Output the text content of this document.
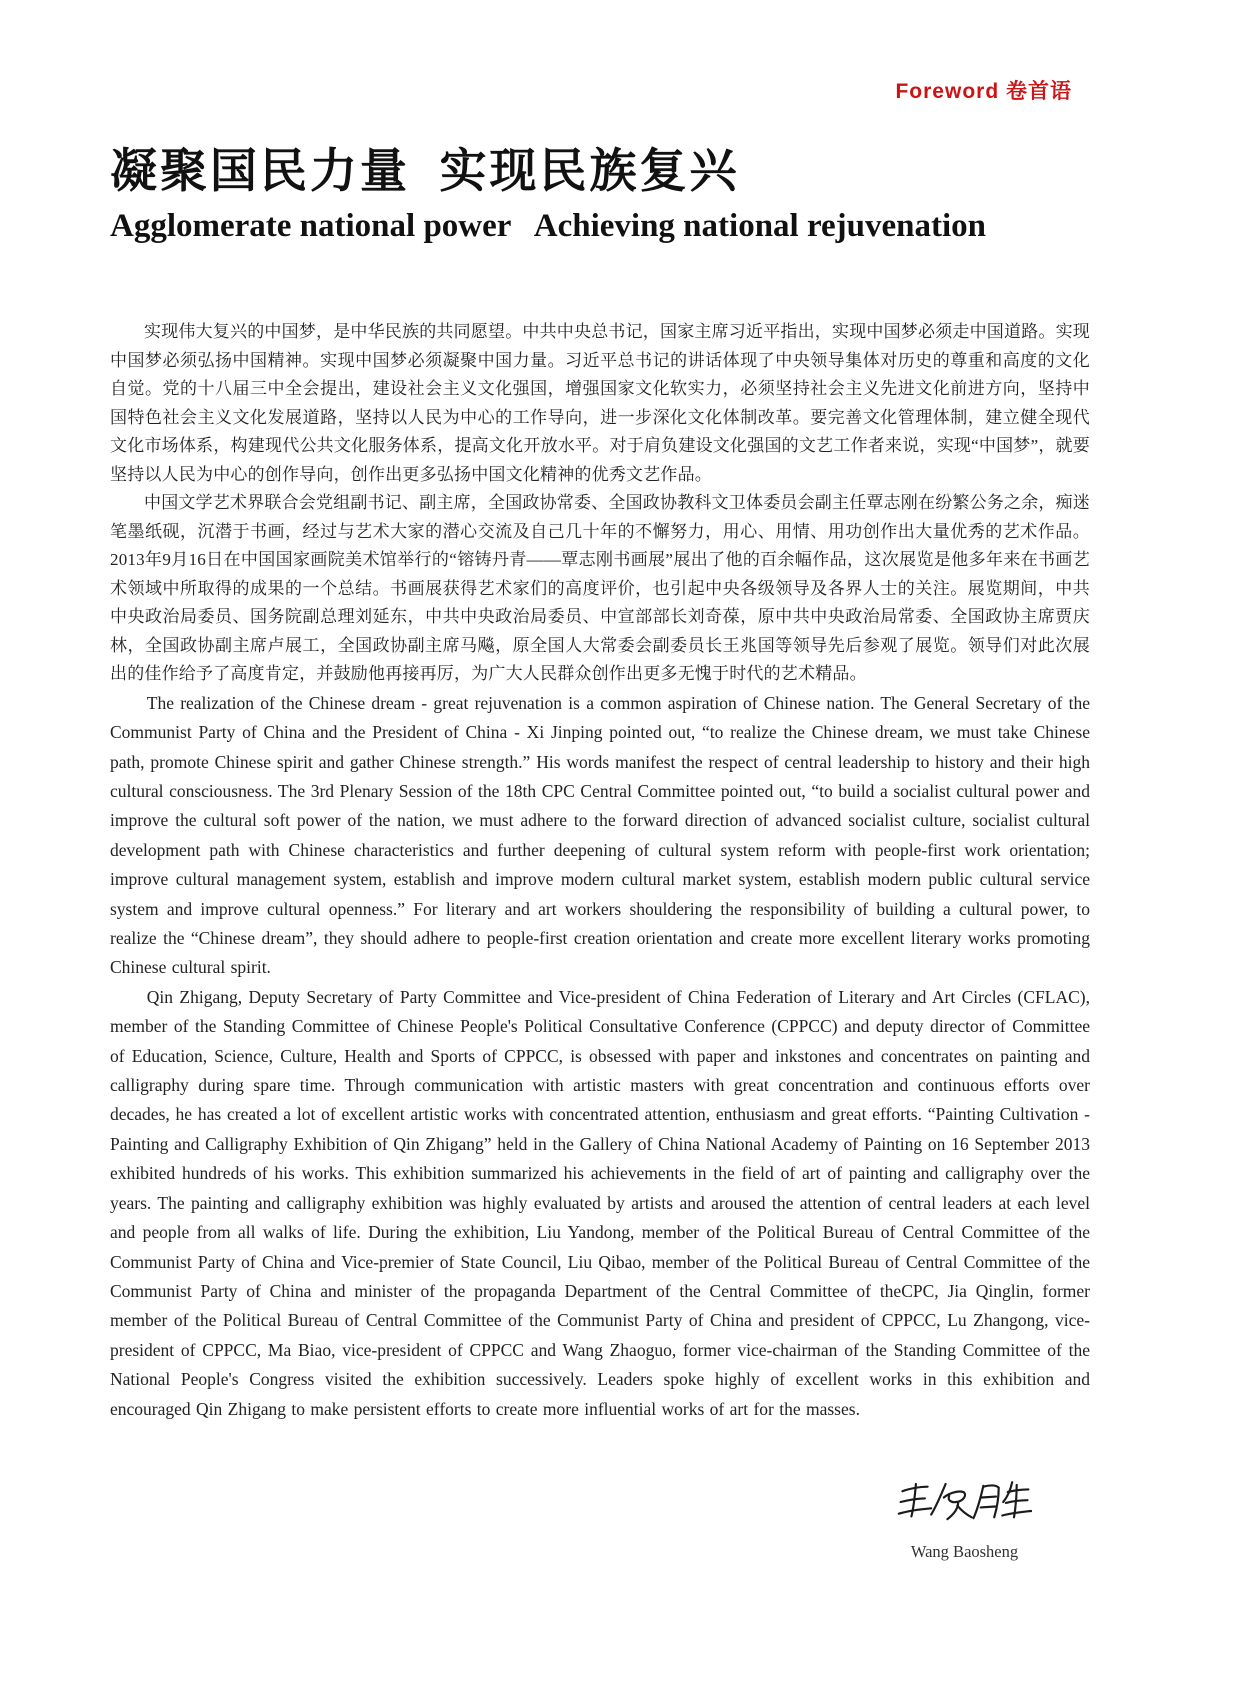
Foreword 卷首语
凝聚国民力量  实现民族复兴
Agglomerate national power   Achieving national rejuvenation

实现伟大复兴的中国梦，是中华民族的共同愿望。中共中央总书记，国家主席习近平指出，实现中国梦必须走中国道路。实现中国梦必须弘扬中国精神。实现中国梦必须凝聚中国力量。习近平总书记的讲话体现了中央领导集体对历史的尊重和高度的文化自觉。党的十八届三中全会提出，建设社会主义文化强国，增强国家文化软实力，必须坚持社会主义先进文化前进方向，坚持中国特色社会主义文化发展道路，坚持以人民为中心的工作导向，进一步深化文化体制改革。要完善文化管理体制，建立健全现代文化市场体系，构建现代公共文化服务体系，提高文化开放水平。对于肩负建设文化强国的文艺工作者来说，实现“中国梦”，就要坚持以人民为中心的创作导向，创作出更多弘扬中国文化精神的优秀文艺作品。

中国文学艺术界联合会党组副书记、副主席，全国政协常委、全国政协教科文卫体委员会副主任覃志刚在纷繁公务之余，痴迷笔墨纸砚，沉潜于书画，经过与艺术大家的潜心交流及自己几十年的不懈努力，用心、用情、用功创作出大量优秀的艺术作品。2013年9月16日在中国国家画院美术馆举行的“镕铸丹青——覃志刚书画展”展出了他的百余幅作品，这次展览是他多年来在书画艺术领域中所取得的成果的一个总结。书画展获得艺术家们的高度评价，也引起中央各级领导及各界人士的关注。展览期间，中共中央政治局委员、国务院副总理刘延东，中共中央政治局委员、中宣部部长刘奇葆，原中共中央政治局常委、全国政协主席贾庆林，全国政协副主席卢展工，全国政协副主席马飚，原全国人大常委会副委员长王兆国等领导先后参观了展览。领导们对此次展出的佳作给予了高度肯定，并鼓励他再接再厉，为广大人民群众创作出更多无愧于时代的艺术精品。

The realization of the Chinese dream - great rejuvenation is a common aspiration of Chinese nation. The General Secretary of the Communist Party of China and the President of China - Xi Jinping pointed out, “to realize the Chinese dream, we must take Chinese path, promote Chinese spirit and gather Chinese strength.” His words manifest the respect of central leadership to history and their high cultural consciousness. The 3rd Plenary Session of the 18th CPC Central Committee pointed out, “to build a socialist cultural power and improve the cultural soft power of the nation, we must adhere to the forward direction of advanced socialist culture, socialist cultural development path with Chinese characteristics and further deepening of cultural system reform with people-first work orientation; improve cultural management system, establish and improve modern cultural market system, establish modern public cultural service system and improve cultural openness.” For literary and art workers shouldering the responsibility of building a cultural power, to realize the “Chinese dream”, they should adhere to people-first creation orientation and create more excellent literary works promoting Chinese cultural spirit.

Qin Zhigang, Deputy Secretary of Party Committee and Vice-president of China Federation of Literary and Art Circles (CFLAC), member of the Standing Committee of Chinese People's Political Consultative Conference (CPPCC) and deputy director of Committee of Education, Science, Culture, Health and Sports of CPPCC, is obsessed with paper and inkstones and concentrates on painting and calligraphy during spare time. Through communication with artistic masters with great concentration and continuous efforts over decades, he has created a lot of excellent artistic works with concentrated attention, enthusiasm and great efforts. “Painting Cultivation - Painting and Calligraphy Exhibition of Qin Zhigang” held in the Gallery of China National Academy of Painting on 16 September 2013 exhibited hundreds of his works. This exhibition summarized his achievements in the field of art of painting and calligraphy over the years. The painting and calligraphy exhibition was highly evaluated by artists and aroused the attention of central leaders at each level and people from all walks of life. During the exhibition, Liu Yandong, member of the Political Bureau of Central Committee of the Communist Party of China and Vice-premier of State Council, Liu Qibao, member of the Political Bureau of Central Committee of the Communist Party of China and minister of the propaganda Department of the Central Committee of theCPC, Jia Qinglin, former member of the Political Bureau of Central Committee of the Communist Party of China and president of CPPCC, Lu Zhangong, vice-president of CPPCC, Ma Biao, vice-president of CPPCC and Wang Zhaoguo, former vice-chairman of the Standing Committee of the National People's Congress visited the exhibition successively. Leaders spoke highly of excellent works in this exhibition and encouraged Qin Zhigang to make persistent efforts to create more influential works of art for the masses.

Wang Baosheng
